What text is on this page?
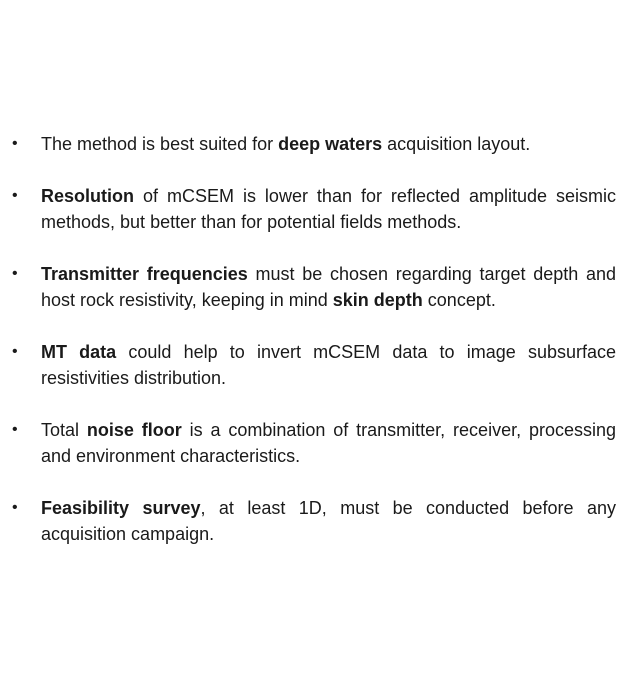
• The method is best suited for deep waters acquisition layout.
• Resolution of mCSEM is lower than for reflected amplitude seismic methods, but better than for potential fields methods.
• Transmitter frequencies must be chosen regarding target depth and host rock resistivity, keeping in mind skin depth concept.
• MT data could help to invert mCSEM data to image subsurface resistivities distribution.
• Total noise floor is a combination of transmitter, receiver, processing and environment characteristics.
• Feasibility survey, at least 1D, must be conducted before any acquisition campaign.
